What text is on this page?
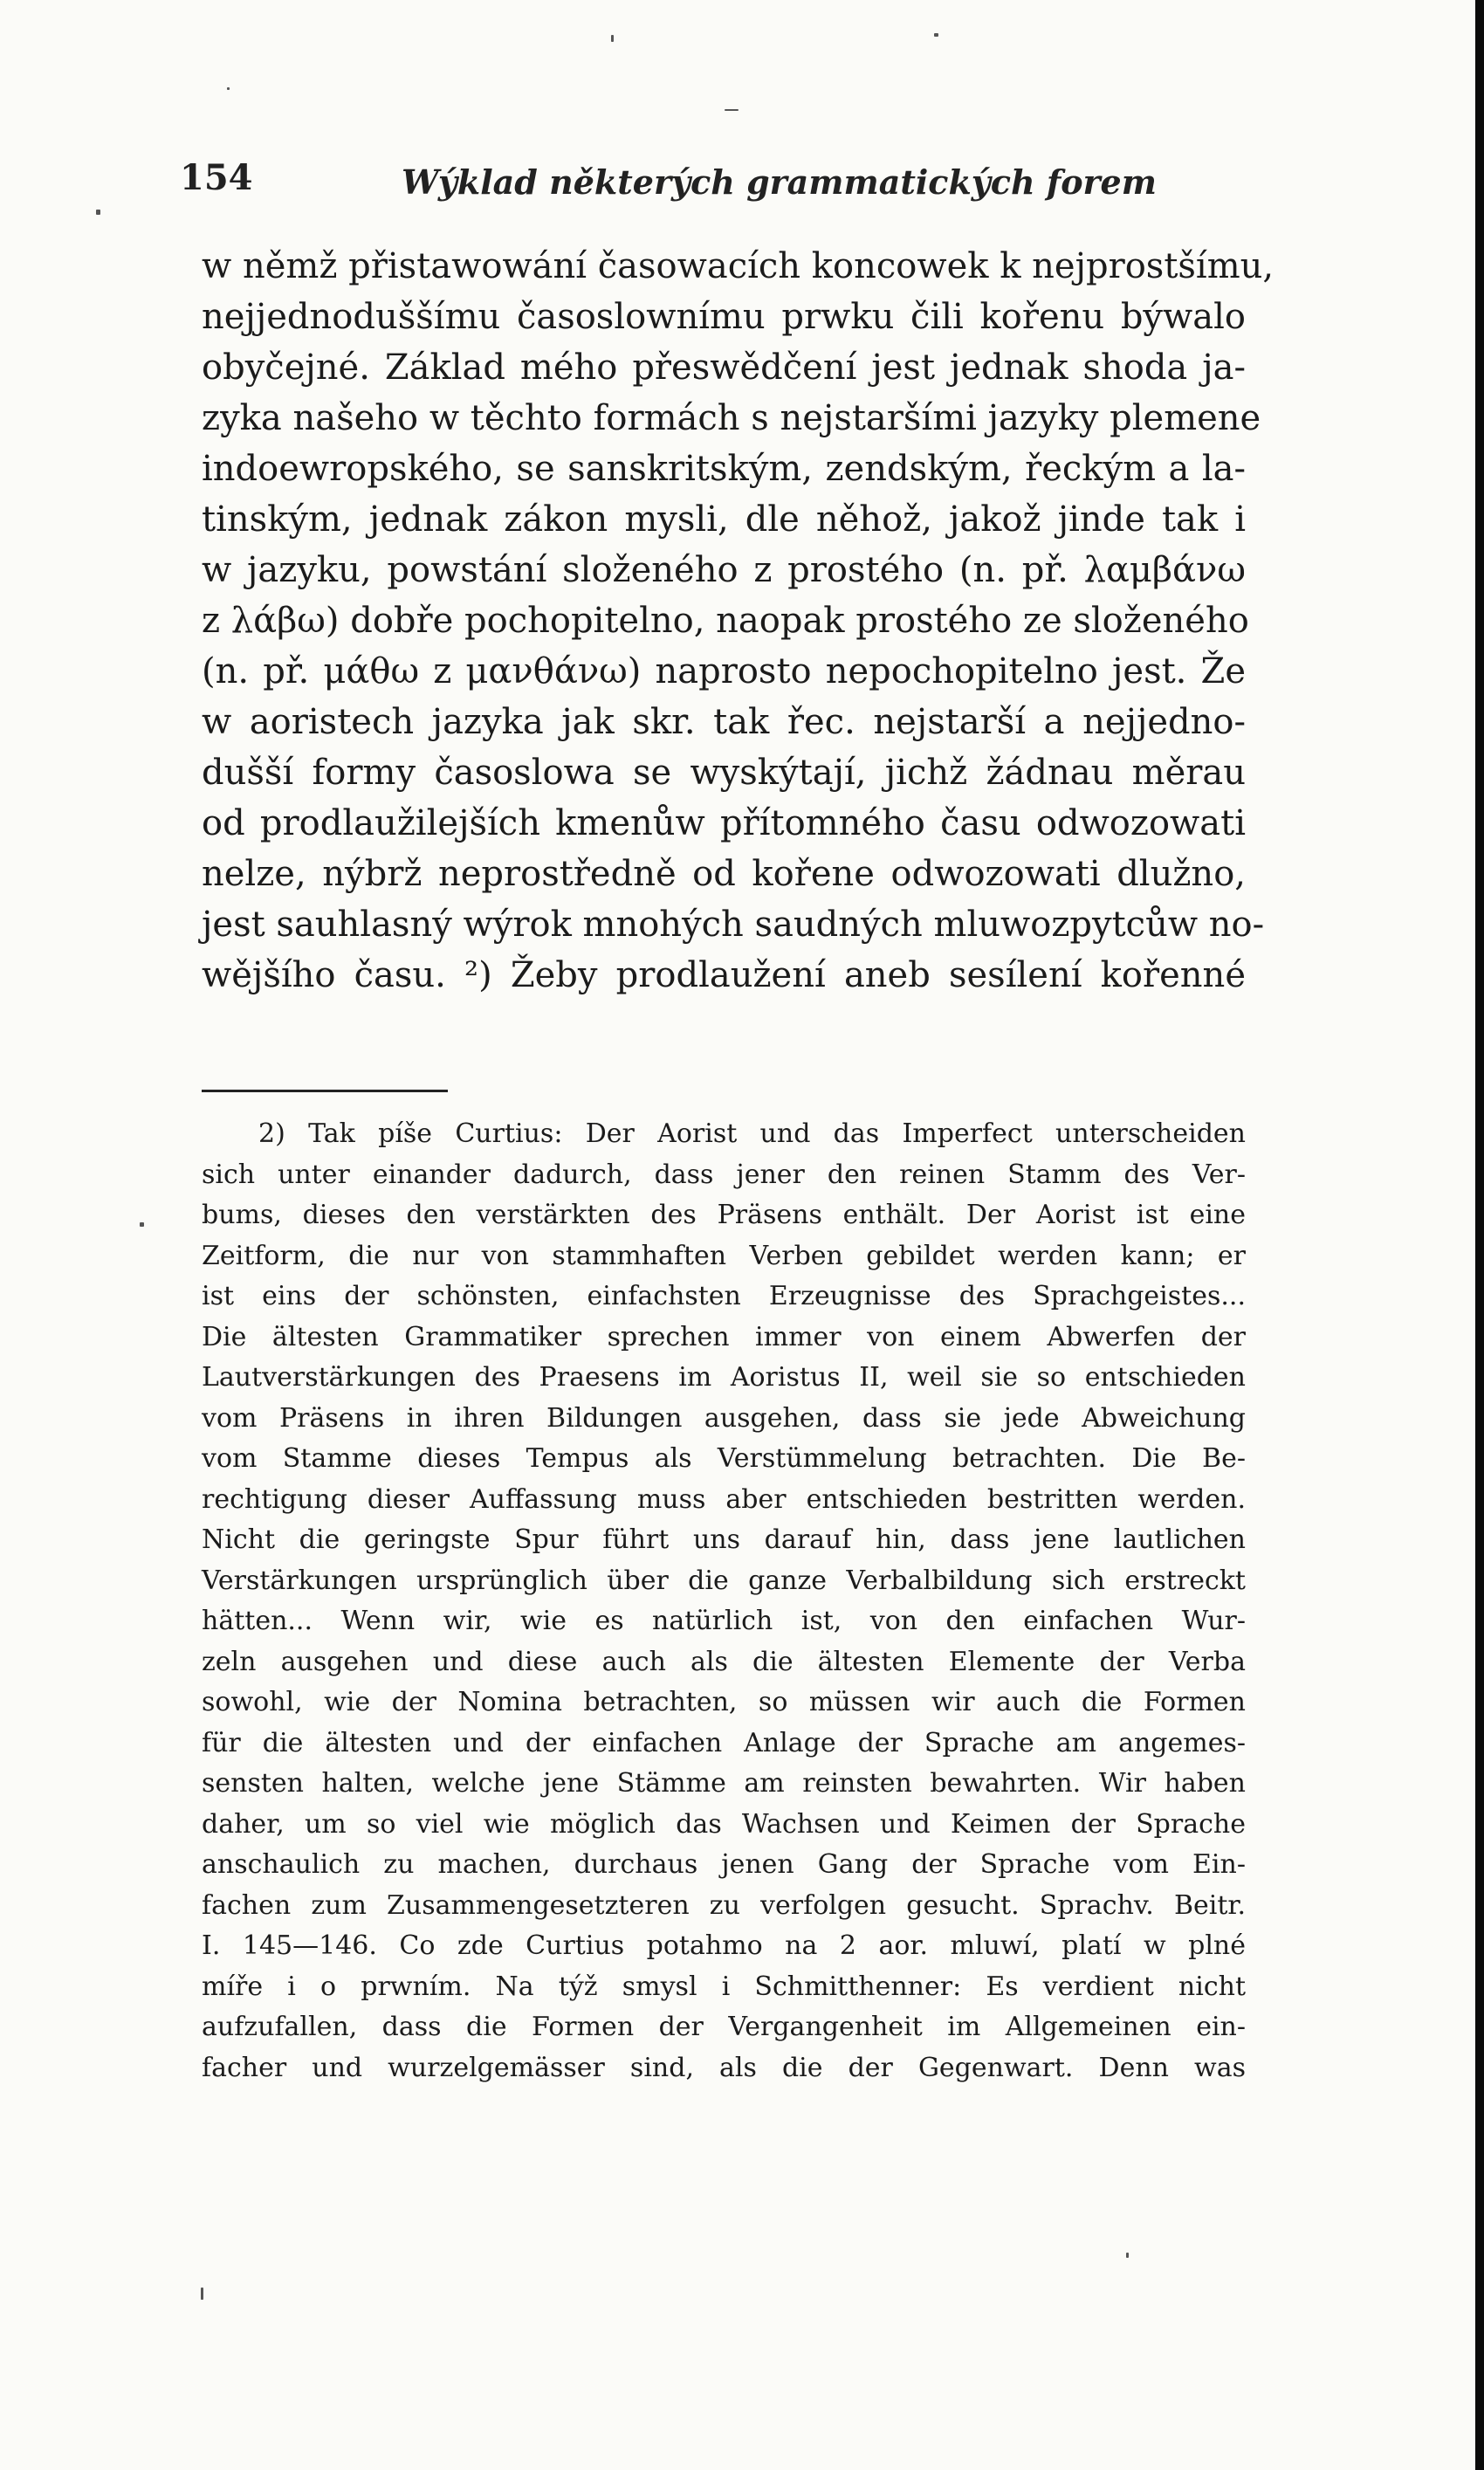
154	Wýklad některých grammatických forem
w němž přistawowání časowacích koncowek k nejprostšímu,
nejjednoduššímu časoslownímu prwku čili kořenu býwalo
obyčejné. Základ mého přeswědčení jest jednak shoda ja-
zyka našeho w těchto formách s nejstaršími jazyky plemene
indoewropského, se sanskritským, zendským, řeckým a la-
tinským, jednak zákon mysli, dle něhož, jakož jinde tak i
w jazyku, powstání složeného z prostého (n. př. λαμβάνω
z λάβω) dobře pochopitelno, naopak prostého ze složeného
(n. př. μάθω z μανθάνω) naprosto nepochopitelno jest. Že
w aoristech jazyka jak skr. tak řec. nejstarší a nejjedno-
dušší formy časoslowa se wyskýtají, jichž žádnau měrau
od prodlaužilejších kmenůw přítomného času odwozowati
nelze, nýbrž neprostředně od kořene odwozowati dlužno,
jest sauhlasný wýrok mnohých saudných mluwozpytcůw no-
wějšího času. ²) Žeby prodlaužení aneb sesílení kořenné
2) Tak píše Curtius: Der Aorist und das Imperfect unterscheiden
sich unter einander dadurch, dass jener den reinen Stamm des Ver-
bums, dieses den verstärkten des Präsens enthält. Der Aorist ist eine
Zeitform, die nur von stammhaften Verben gebildet werden kann; er
ist eins der schönsten, einfachsten Erzeugnisse des Sprachgeistes...
Die ältesten Grammatiker sprechen immer von einem Abwerfen der
Lautverstärkungen des Praesens im Aoristus II, weil sie so entschieden
vom Präsens in ihren Bildungen ausgehen, dass sie jede Abweichung
vom Stamme dieses Tempus als Verstümmelung betrachten. Die Be-
rechtigung dieser Auffassung muss aber entschieden bestritten werden.
Nicht die geringste Spur führt uns darauf hin, dass jene lautlichen
Verstärkungen ursprünglich über die ganze Verbalbildung sich erstreckt
hätten... Wenn wir, wie es natürlich ist, von den einfachen Wur-
zeln ausgehen und diese auch als die ältesten Elemente der Verba
sowohl, wie der Nomina betrachten, so müssen wir auch die Formen
für die ältesten und der einfachen Anlage der Sprache am angemes-
sensten halten, welche jene Stämme am reinsten bewahrten. Wir haben
daher, um so viel wie möglich das Wachsen und Keimen der Sprache
anschaulich zu machen, durchaus jenen Gang der Sprache vom Ein-
fachen zum Zusammengesetzteren zu verfolgen gesucht. Sprachv. Beitr.
I. 145—146. Co zde Curtius potahmo na 2 aor. mluwí, platí w plné
míře i o prwním. Na týž smysl i Schmitthenner: Es verdient nicht
aufzufallen, dass die Formen der Vergangenheit im Allgemeinen ein-
facher und wurzelgemässer sind, als die der Gegenwart. Denn was
